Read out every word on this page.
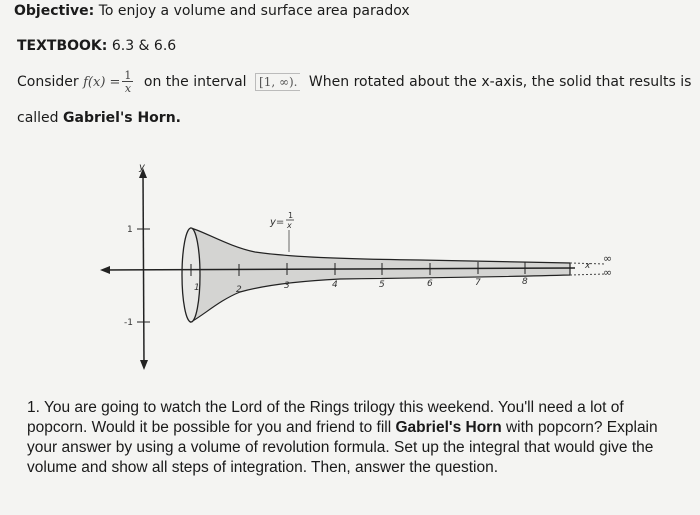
Objective: To enjoy a volume and surface area paradox
TEXTBOOK: 6.3 & 6.6
Consider $f(x) = \frac{1}{x}$ on the interval [1, ∞). When rotated about the x-axis, the solid that results is
called Gabriel's Horn.
y
1
-1
1	2	3	4	5	6	7	8
x
∞
∞
y=
1
x
1. You are going to watch the Lord of the Rings trilogy this weekend. You'll need a lot of popcorn. Would it be possible for you and friend to fill Gabriel's Horn with popcorn? Explain your answer by using a volume of revolution formula. Set up the integral that would give the volume and show all steps of integration. Then, answer the question.
